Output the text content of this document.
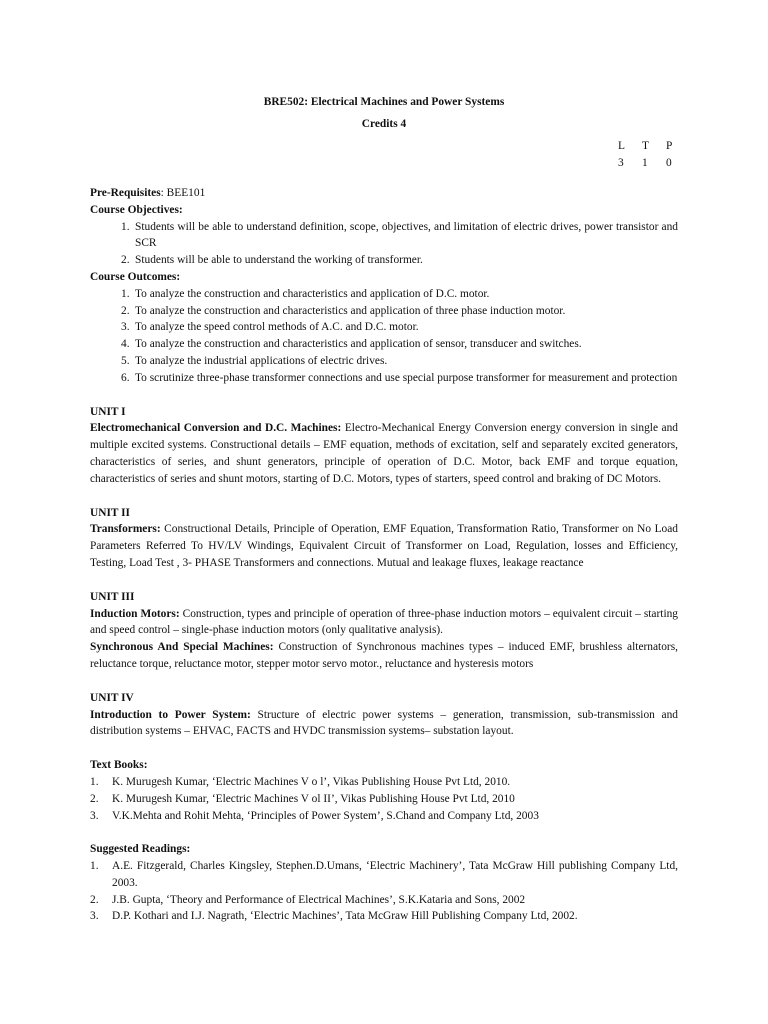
BRE502: Electrical Machines and Power Systems
Credits 4
L	T	P
3	1	0
Pre-Requisites: BEE101
Course Objectives:
1. Students will be able to understand definition, scope, objectives, and limitation of electric drives, power transistor and SCR
2. Students will be able to understand the working of transformer.
Course Outcomes:
1. To analyze the construction and characteristics and application of D.C. motor.
2. To analyze the construction and characteristics and application of three phase induction motor.
3. To analyze the speed control methods of A.C. and D.C. motor.
4. To analyze the construction and characteristics and application of sensor, transducer and switches.
5. To analyze the industrial applications of electric drives.
6. To scrutinize three-phase transformer connections and use special purpose transformer for measurement and protection
UNIT I
Electromechanical Conversion and D.C. Machines: Electro-Mechanical Energy Conversion energy conversion in single and multiple excited systems. Constructional details – EMF equation, methods of excitation, self and separately excited generators, characteristics of series, and shunt generators, principle of operation of D.C. Motor, back EMF and torque equation, characteristics of series and shunt motors, starting of D.C. Motors, types of starters, speed control and braking of DC Motors.
UNIT II
Transformers: Constructional Details, Principle of Operation, EMF Equation, Transformation Ratio, Transformer on No Load Parameters Referred To HV/LV Windings, Equivalent Circuit of Transformer on Load, Regulation, losses and Efficiency, Testing, Load Test , 3- PHASE Transformers and connections. Mutual and leakage fluxes, leakage reactance
UNIT III
Induction Motors: Construction, types and principle of operation of three-phase induction motors – equivalent circuit – starting and speed control – single-phase induction motors (only qualitative analysis).
Synchronous And Special Machines: Construction of Synchronous machines types – induced EMF, brushless alternators, reluctance torque, reluctance motor, stepper motor servo motor., reluctance and hysteresis motors
UNIT IV
Introduction to Power System: Structure of electric power systems – generation, transmission, sub-transmission and distribution systems – EHVAC, FACTS and HVDC transmission systems– substation layout.
Text Books:
1.	K. Murugesh Kumar, ‘Electric Machines V o l’, Vikas Publishing House Pvt Ltd, 2010.
2.	K. Murugesh Kumar, ‘Electric Machines V ol II’, Vikas Publishing House Pvt Ltd, 2010
3.	V.K.Mehta and Rohit Mehta, ‘Principles of Power System’, S.Chand and Company Ltd, 2003
Suggested Readings:
1.	A.E. Fitzgerald, Charles Kingsley, Stephen.D.Umans, ‘Electric Machinery’, Tata McGraw Hill publishing Company Ltd, 2003.
2.	J.B. Gupta, ‘Theory and Performance of Electrical Machines’, S.K.Kataria and Sons, 2002
3.	D.P. Kothari and I.J. Nagrath, ‘Electric Machines’, Tata McGraw Hill Publishing Company Ltd, 2002.
